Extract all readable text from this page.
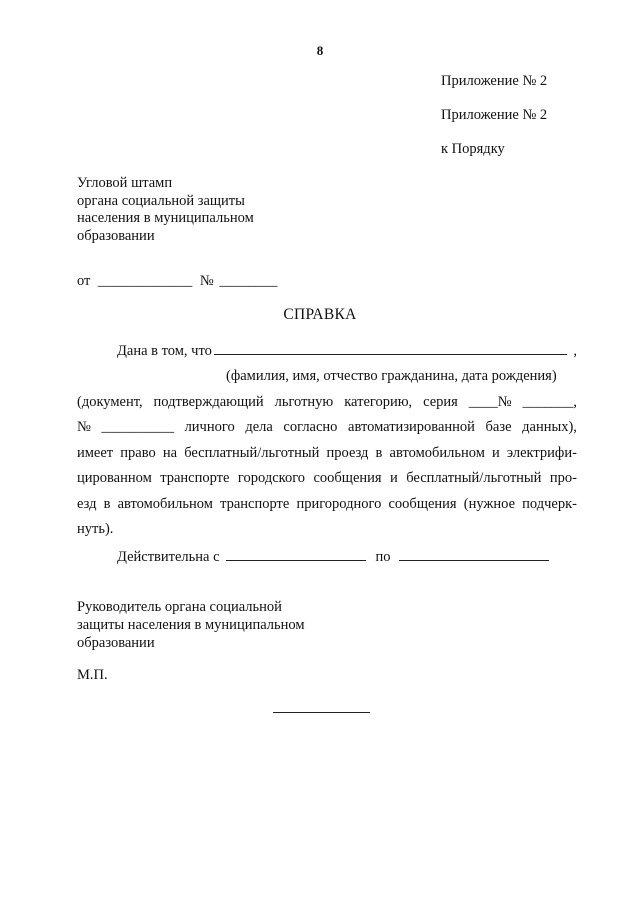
8
Приложение № 2
Приложение № 2
к Порядку
Угловой штамп
органа социальной защиты
населения в муниципальном
образовании
от _____________ № ________
СПРАВКА
Дана в том, что	,
(фамилия, имя, отчество гражданина, дата рождения)
(документ, подтверждающий льготную категорию, серия ____№ _______,
№ __________ личного дела согласно автоматизированной базе данных),
имеет право на бесплатный/льготный проезд в автомобильном и электрифи-
цированном транспорте городского сообщения и бесплатный/льготный про-
езд в автомобильном транспорте пригородного сообщения (нужное подчерк-
нуть).
Действительна с	по
Руководитель органа социальной
защиты населения в муниципальном
образовании
М.П.
